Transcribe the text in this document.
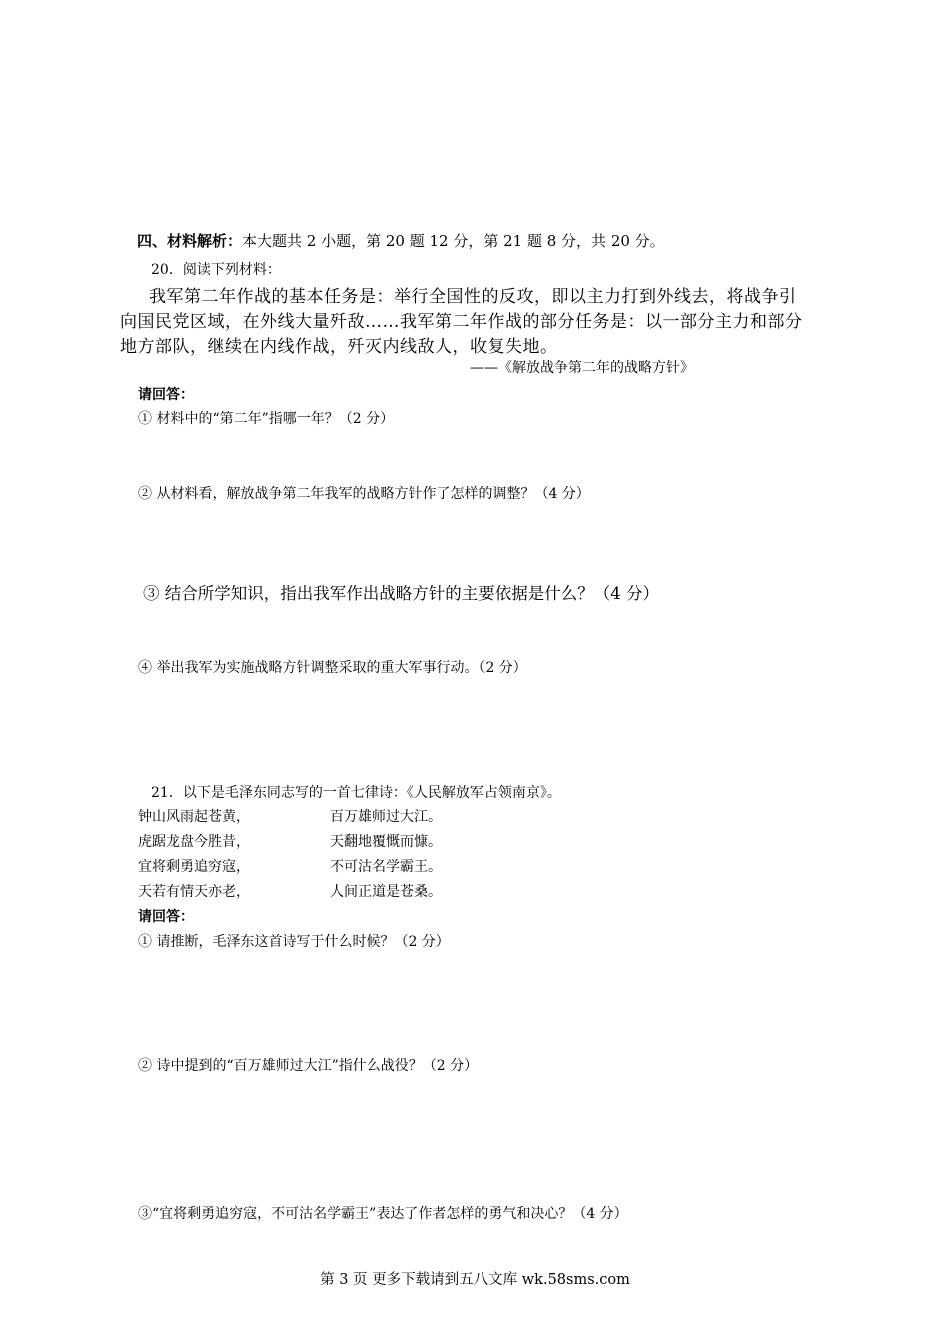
四、材料解析：本大题共 2 小题，第 20 题 12 分，第 21 题 8 分，共 20 分。
20．阅读下列材料：
我军第二年作战的基本任务是：举行全国性的反攻，即以主力打到外线去，将战争引
向国民党区域，在外线大量歼敌……我军第二年作战的部分任务是：以一部分主力和部分
地方部队，继续在内线作战，歼灭内线敌人，收复失地。
——《解放战争第二年的战略方针》
请回答：
① 材料中的“第二年”指哪一年？（2 分）
② 从材料看，解放战争第二年我军的战略方针作了怎样的调整？（4 分）
③ 结合所学知识，指出我军作出战略方针的主要依据是什么？（4 分）
④ 举出我军为实施战略方针调整采取的重大军事行动。（2 分）
21．以下是毛泽东同志写的一首七律诗：《人民解放军占领南京》。
钟山风雨起苍黄，	百万雄师过大江。
虎踞龙盘今胜昔，	天翻地覆慨而慷。
宜将剩勇追穷寇，	不可沽名学霸王。
天若有情天亦老，	人间正道是苍桑。
请回答：
① 请推断，毛泽东这首诗写于什么时候？（2 分）
② 诗中提到的“百万雄师过大江”指什么战役？（2 分）
③“宜将剩勇追穷寇，不可沽名学霸王”表达了作者怎样的勇气和决心？（4 分）
第 3 页 更多下载请到五八文库 wk.58sms.com
